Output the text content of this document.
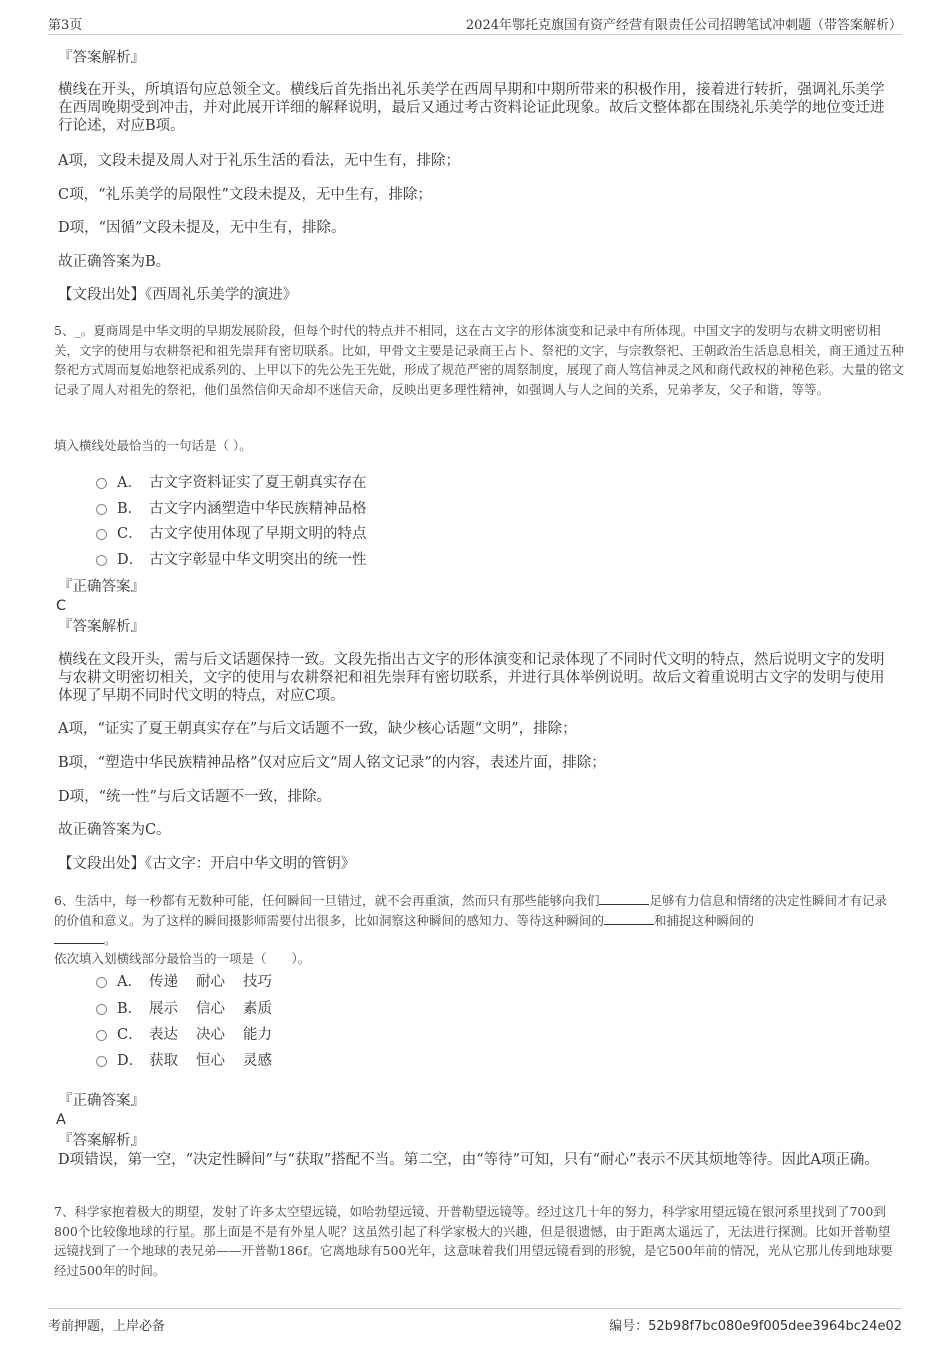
第3页	2024年鄂托克旗国有资产经营有限责任公司招聘笔试冲刺题（带答案解析）
『答案解析』
横线在开头，所填语句应总领全文。横线后首先指出礼乐美学在西周早期和中期所带来的积极作用，接着进行转折，强调礼乐美学在西周晚期受到冲击，并对此展开详细的解释说明，最后又通过考古资料论证此现象。故后文整体都在围绕礼乐美学的地位变迁进行论述，对应B项。
A项，文段未提及周人对于礼乐生活的看法，无中生有，排除；
C项，“礼乐美学的局限性”文段未提及，无中生有，排除；
D项，“因循”文段未提及，无中生有，排除。
故正确答案为B。
【文段出处】《西周礼乐美学的演进》
5、_。夏商周是中华文明的早期发展阶段，但每个时代的特点并不相同，这在古文字的形体演变和记录中有所体现。中国文字的发明与农耕文明密切相关，文字的使用与农耕祭祀和祖先崇拜有密切联系。比如，甲骨文主要是记录商王占卜、祭祀的文字，与宗教祭祀、王朝政治生活息息相关，商王通过五种祭祀方式周而复始地祭祀成系列的、上甲以下的先公先王先妣，形成了规范严密的周祭制度，展现了商人笃信神灵之风和商代政权的神秘色彩。大量的铭文记录了周人对祖先的祭祀，他们虽然信仰天命却不迷信天命，反映出更多理性精神，如强调人与人之间的关系，兄弟孝友，父子和谐，等等。
填入横线处最恰当的一句话是（ ）。
A． 古文字资料证实了夏王朝真实存在
B． 古文字内涵塑造中华民族精神品格
C． 古文字使用体现了早期文明的特点
D． 古文字彰显中华文明突出的统一性
『正确答案』
C
『答案解析』
横线在文段开头，需与后文话题保持一致。文段先指出古文字的形体演变和记录体现了不同时代文明的特点，然后说明文字的发明与农耕文明密切相关，文字的使用与农耕祭祀和祖先崇拜有密切联系，并进行具体举例说明。故后文着重说明古文字的发明与使用体现了早期不同时代文明的特点，对应C项。
A项，“证实了夏王朝真实存在”与后文话题不一致，缺少核心话题“文明”，排除；
B项，“塑造中华民族精神品格”仅对应后文“周人铭文记录”的内容，表述片面，排除；
D项，“统一性”与后文话题不一致，排除。
故正确答案为C。
【文段出处】《古文字：开启中华文明的管钥》
6、生活中，每一秒都有无数种可能，任何瞬间一旦错过，就不会再重演，然而只有那些能够向我们	足够有力信息和情绪的决定性瞬间才有记录的价值和意义。为了这样的瞬间摄影师需要付出很多，比如洞察这种瞬间的感知力、等待这种瞬间的	和捕捉这种瞬间的
。
依次填入划横线部分最恰当的一项是（　　）。
A． 传递 耐心 技巧
B． 展示 信心 素质
C． 表达 决心 能力
D． 获取 恒心 灵感
『正确答案』
A
『答案解析』
D项错误，第一空，“决定性瞬间”与“获取”搭配不当。第二空，由“等待”可知，只有“耐心”表示不厌其烦地等待。因此A项正确。
7、科学家抱着极大的期望，发射了许多太空望远镜，如哈勃望远镜、开普勒望远镜等。经过这几十年的努力，科学家用望远镜在银河系里找到了700到800个比较像地球的行星。那上面是不是有外星人呢？这虽然引起了科学家极大的兴趣，但是很遗憾，由于距离太遥远了，无法进行探测。比如开普勒望远镜找到了一个地球的表兄弟——开普勒186f。它离地球有500光年，这意味着我们用望远镜看到的形貌，是它500年前的情况，光从它那儿传到地球要经过500年的时间。
考前押题，上岸必备	编号：52b98f7bc080e9f005dee3964bc24e02
